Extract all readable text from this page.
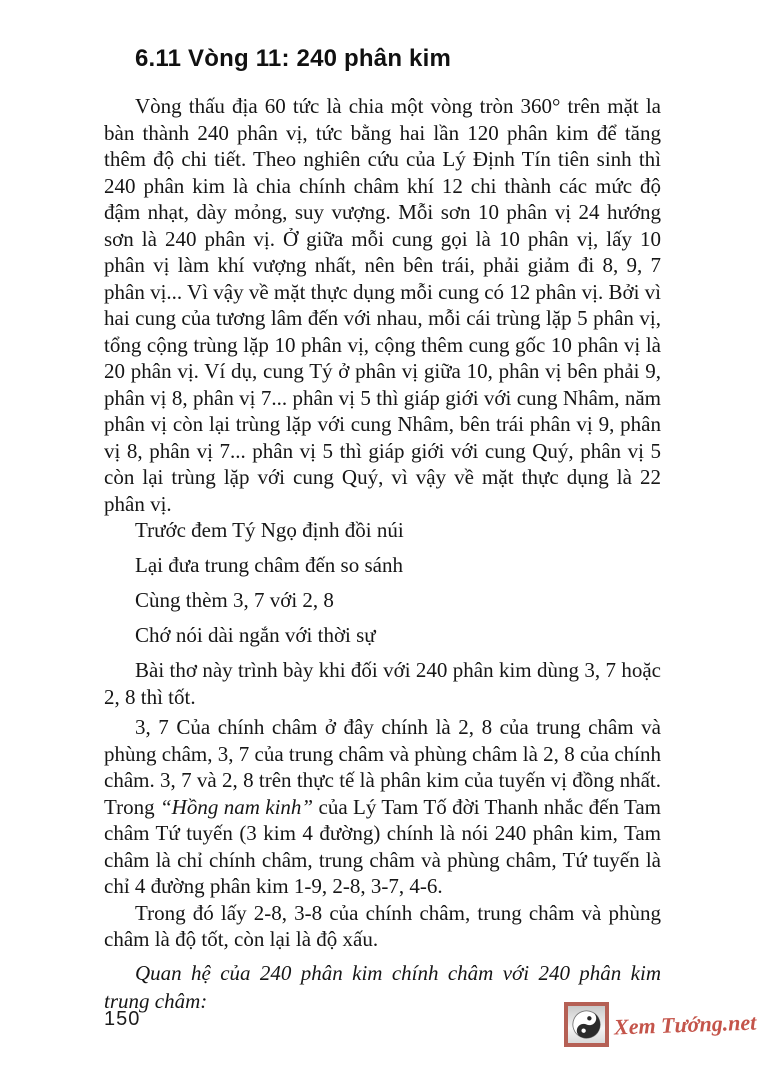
6.11 Vòng 11: 240 phân kim

Vòng thấu địa 60 tức là chia một vòng tròn 360° trên mặt la bàn thành 240 phân vị, tức bằng hai lần 120 phân kim để tăng thêm độ chi tiết. Theo nghiên cứu của Lý Định Tín tiên sinh thì 240 phân kim là chia chính châm khí 12 chi thành các mức độ đậm nhạt, dày mỏng, suy vượng. Mỗi sơn 10 phân vị 24 hướng sơn là 240 phân vị. Ở giữa mỗi cung gọi là 10 phân vị, lấy 10 phân vị làm khí vượng nhất, nên bên trái, phải giảm đi 8, 9, 7 phân vị... Vì vậy về mặt thực dụng mỗi cung có 12 phân vị. Bởi vì hai cung của tương lâm đến với nhau, mỗi cái trùng lặp 5 phân vị, tổng cộng trùng lặp 10 phân vị, cộng thêm cung gốc 10 phân vị là 20 phân vị. Ví dụ, cung Tý ở phân vị giữa 10, phân vị bên phải 9, phân vị 8, phân vị 7... phân vị 5 thì giáp giới với cung Nhâm, năm phân vị còn lại trùng lặp với cung Nhâm, bên trái phân vị 9, phân vị 8, phân vị 7... phân vị 5 thì giáp giới với cung Quý, phân vị 5 còn lại trùng lặp với cung Quý, vì vậy về mặt thực dụng là 22 phân vị.

Trước đem Tý Ngọ định đồi núi

Lại đưa trung châm đến so sánh

Cùng thèm 3, 7 với 2, 8

Chớ nói dài ngắn với thời sự

Bài thơ này trình bày khi đối với 240 phân kim dùng 3, 7 hoặc 2, 8 thì tốt.

3, 7 Của chính châm ở đây chính là 2, 8 của trung châm và phùng châm, 3, 7 của trung châm và phùng châm là 2, 8 của chính châm. 3, 7 và 2, 8 trên thực tế là phân kim của tuyến vị đồng nhất. Trong “Hồng nam kinh” của Lý Tam Tố đời Thanh nhắc đến Tam châm Tứ tuyến (3 kim 4 đường) chính là nói 240 phân kim, Tam châm là chỉ chính châm, trung châm và phùng châm, Tứ tuyến là chỉ 4 đường phân kim 1-9, 2-8, 3-7, 4-6.

Trong đó lấy 2-8, 3-8 của chính châm, trung châm và phùng châm là độ tốt, còn lại là độ xấu.

Quan hệ của 240 phân kim chính châm với 240 phân kim trung châm:

150	Xem Tướng.net
